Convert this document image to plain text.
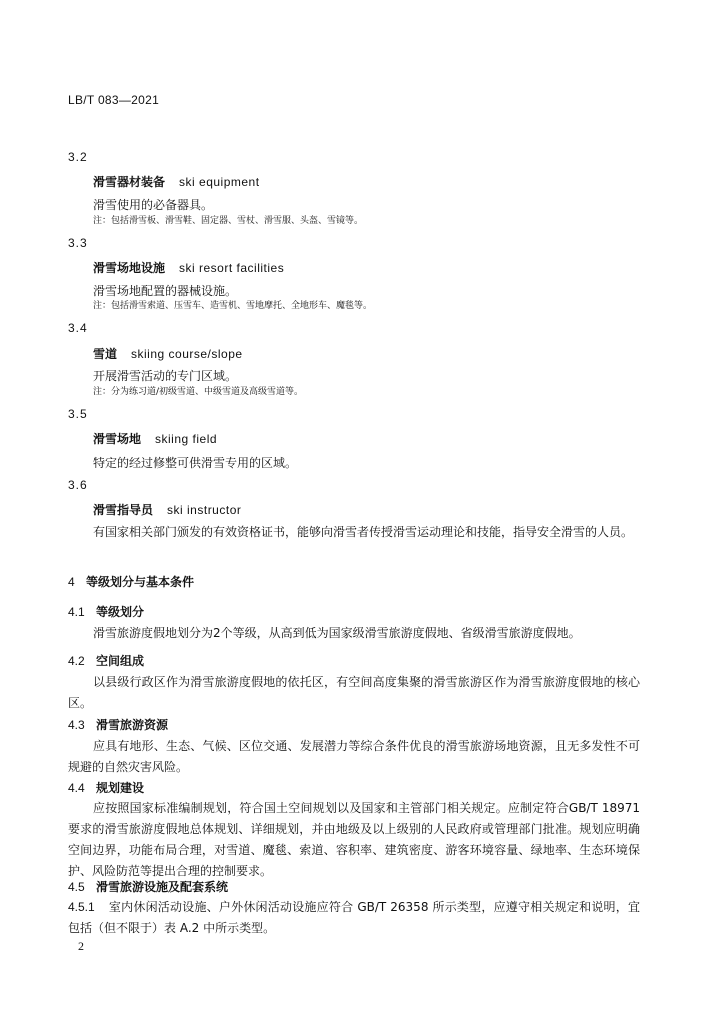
LB/T 083—2021
3.2
滑雪器材装备 ski equipment
滑雪使用的必备器具。
注：包括滑雪板、滑雪鞋、固定器、雪杖、滑雪服、头盔、雪镜等。
3.3
滑雪场地设施 ski resort facilities
滑雪场地配置的器械设施。
注：包括滑雪索道、压雪车、造雪机、雪地摩托、全地形车、魔毯等。
3.4
雪道 skiing course/slope
开展滑雪活动的专门区域。
注：分为练习道/初级雪道、中级雪道及高级雪道等。
3.5
滑雪场地 skiing field
特定的经过修整可供滑雪专用的区域。
3.6
滑雪指导员 ski instructor
有国家相关部门颁发的有效资格证书，能够向滑雪者传授滑雪运动理论和技能，指导安全滑雪的人员。
4 等级划分与基本条件
4.1 等级划分
滑雪旅游度假地划分为2个等级，从高到低为国家级滑雪旅游度假地、省级滑雪旅游度假地。
4.2 空间组成
以县级行政区作为滑雪旅游度假地的依托区，有空间高度集聚的滑雪旅游区作为滑雪旅游度假地的核心区。
4.3 滑雪旅游资源
应具有地形、生态、气候、区位交通、发展潜力等综合条件优良的滑雪旅游场地资源，且无多发性不可规避的自然灾害风险。
4.4 规划建设
应按照国家标准编制规划，符合国土空间规划以及国家和主管部门相关规定。应制定符合GB/T 18971要求的滑雪旅游度假地总体规划、详细规划，并由地级及以上级别的人民政府或管理部门批准。规划应明确空间边界，功能布局合理，对雪道、魔毯、索道、容积率、建筑密度、游客环境容量、绿地率、生态环境保护、风险防范等提出合理的控制要求。
4.5 滑雪旅游设施及配套系统
4.5.1 室内休闲活动设施、户外休闲活动设施应符合 GB/T 26358 所示类型，应遵守相关规定和说明，宜包括（但不限于）表 A.2 中所示类型。
2
